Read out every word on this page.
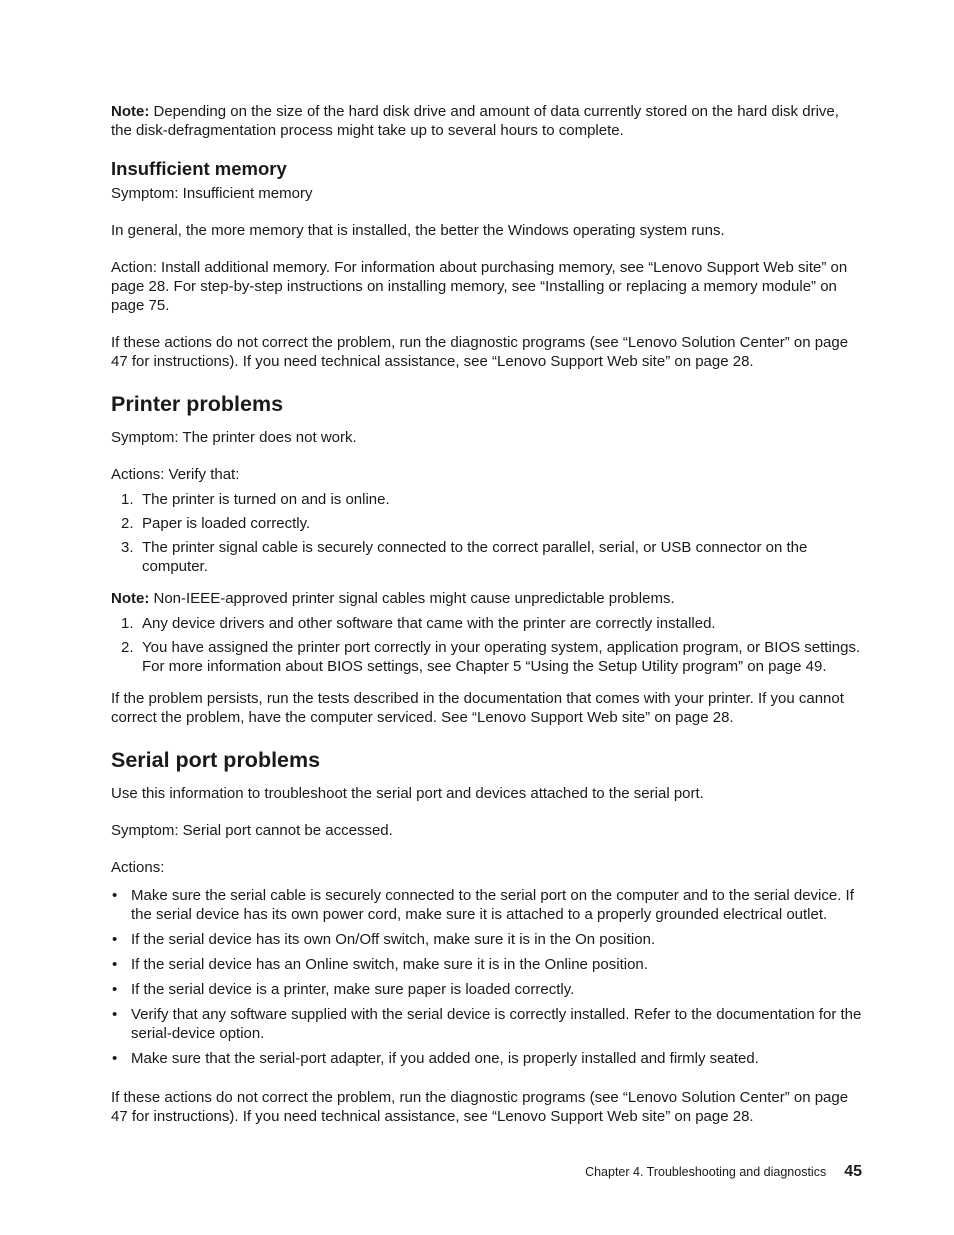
Note: Depending on the size of the hard disk drive and amount of data currently stored on the hard disk drive, the disk-defragmentation process might take up to several hours to complete.

Insufficient memory

Symptom: Insufficient memory

In general, the more memory that is installed, the better the Windows operating system runs.

Action: Install additional memory. For information about purchasing memory, see “Lenovo Support Web site” on page 28. For step-by-step instructions on installing memory, see “Installing or replacing a memory module” on page 75.

If these actions do not correct the problem, run the diagnostic programs (see “Lenovo Solution Center” on page 47 for instructions). If you need technical assistance, see “Lenovo Support Web site” on page 28.

Printer problems

Symptom: The printer does not work.

Actions: Verify that:

1. The printer is turned on and is online.
2. Paper is loaded correctly.
3. The printer signal cable is securely connected to the correct parallel, serial, or USB connector on the computer.

Note: Non-IEEE-approved printer signal cables might cause unpredictable problems.

1. Any device drivers and other software that came with the printer are correctly installed.
2. You have assigned the printer port correctly in your operating system, application program, or BIOS settings. For more information about BIOS settings, see Chapter 5 “Using the Setup Utility program” on page 49.

If the problem persists, run the tests described in the documentation that comes with your printer. If you cannot correct the problem, have the computer serviced. See “Lenovo Support Web site” on page 28.

Serial port problems

Use this information to troubleshoot the serial port and devices attached to the serial port.

Symptom: Serial port cannot be accessed.

Actions:

• Make sure the serial cable is securely connected to the serial port on the computer and to the serial device. If the serial device has its own power cord, make sure it is attached to a properly grounded electrical outlet.
• If the serial device has its own On/Off switch, make sure it is in the On position.
• If the serial device has an Online switch, make sure it is in the Online position.
• If the serial device is a printer, make sure paper is loaded correctly.
• Verify that any software supplied with the serial device is correctly installed. Refer to the documentation for the serial-device option.
• Make sure that the serial-port adapter, if you added one, is properly installed and firmly seated.

If these actions do not correct the problem, run the diagnostic programs (see “Lenovo Solution Center” on page 47 for instructions). If you need technical assistance, see “Lenovo Support Web site” on page 28.

Chapter 4. Troubleshooting and diagnostics 45
